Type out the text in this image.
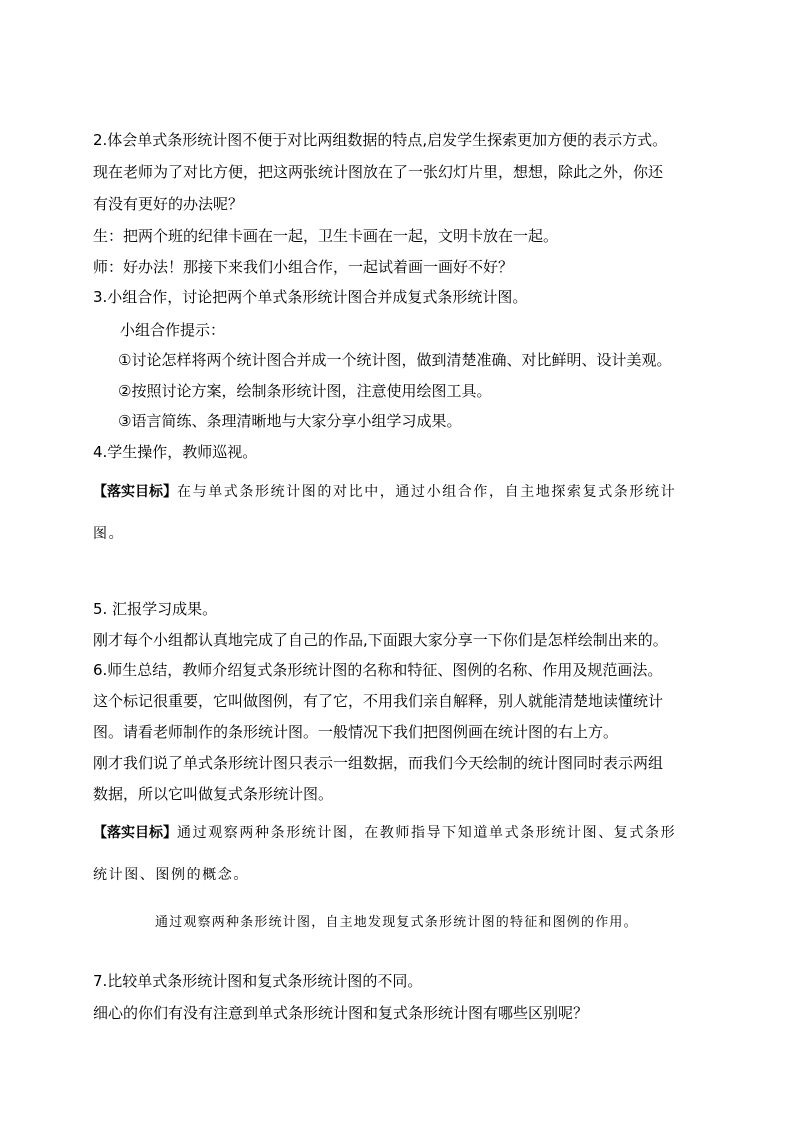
2.体会单式条形统计图不便于对比两组数据的特点,启发学生探索更加方便的表示方式。
现在老师为了对比方便，把这两张统计图放在了一张幻灯片里，想想，除此之外，你还
有没有更好的办法呢？
生：把两个班的纪律卡画在一起，卫生卡画在一起，文明卡放在一起。
师：好办法！那接下来我们小组合作，一起试着画一画好不好？
3.小组合作，讨论把两个单式条形统计图合并成复式条形统计图。
小组合作提示：
①讨论怎样将两个统计图合并成一个统计图，做到清楚准确、对比鲜明、设计美观。
②按照讨论方案，绘制条形统计图，注意使用绘图工具。
③语言简练、条理清晰地与大家分享小组学习成果。
4.学生操作，教师巡视。
【落实目标】在与单式条形统计图的对比中，通过小组合作，自主地探索复式条形统计
图。
5. 汇报学习成果。
刚才每个小组都认真地完成了自己的作品,下面跟大家分享一下你们是怎样绘制出来的。
6.师生总结，教师介绍复式条形统计图的名称和特征、图例的名称、作用及规范画法。
这个标记很重要，它叫做图例，有了它，不用我们亲自解释，别人就能清楚地读懂统计
图。请看老师制作的条形统计图。一般情况下我们把图例画在统计图的右上方。
刚才我们说了单式条形统计图只表示一组数据，而我们今天绘制的统计图同时表示两组
数据，所以它叫做复式条形统计图。
【落实目标】通过观察两种条形统计图，在教师指导下知道单式条形统计图、复式条形
统计图、图例的概念。
通过观察两种条形统计图，自主地发现复式条形统计图的特征和图例的作用。
7.比较单式条形统计图和复式条形统计图的不同。
细心的你们有没有注意到单式条形统计图和复式条形统计图有哪些区别呢？
